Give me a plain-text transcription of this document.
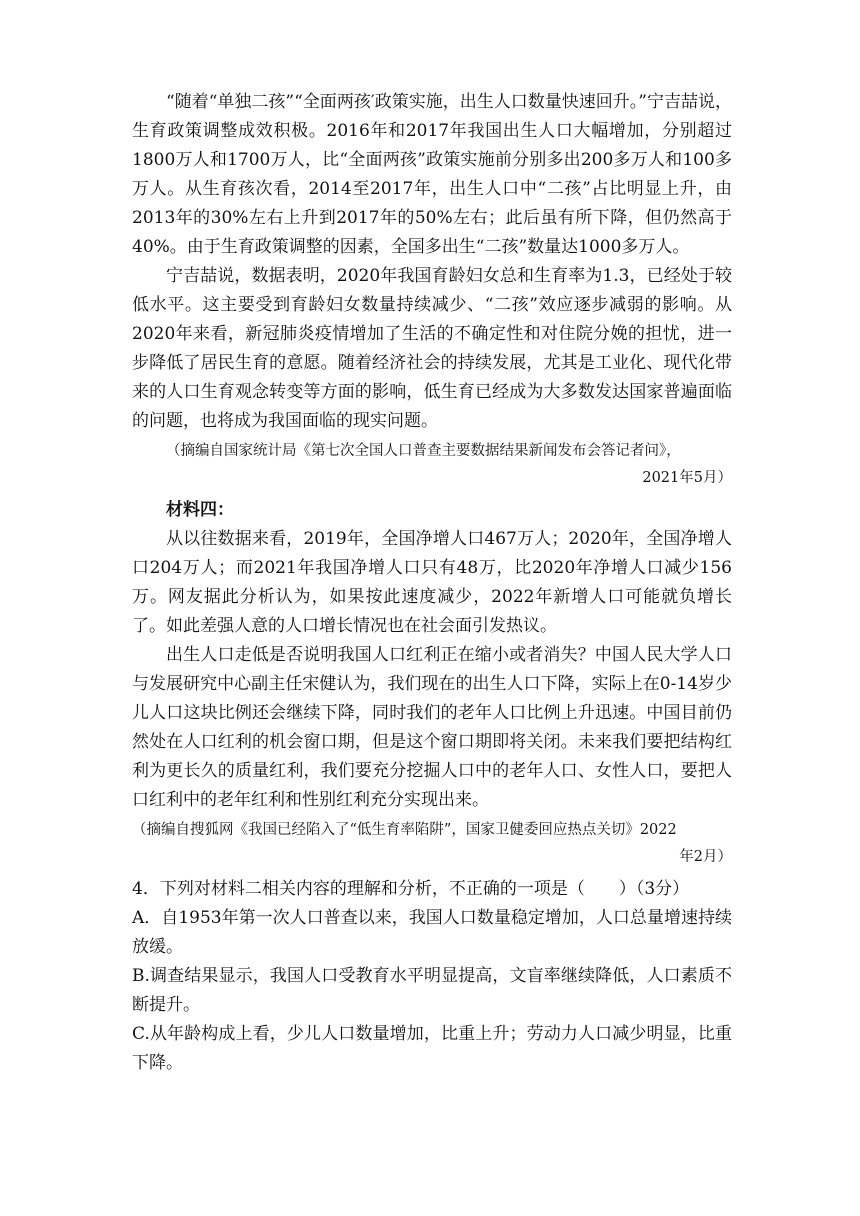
“随着“单独二孩”“全面两孩′政策实施，出生人口数量快速回升。”宁吉喆说，生育政策调整成效积极。2016年和2017年我国出生人口大幅增加，分别超过1800万人和1700万人，比“全面两孩”政策实施前分别多出200多万人和100多万人。从生育孩次看，2014至2017年，出生人口中“二孩”占比明显上升，由2013年的30%左右上升到2017年的50%左右；此后虽有所下降，但仍然高于40%。由于生育政策调整的因素，全国多出生“二孩”数量达1000多万人。

宁吉喆说，数据表明，2020年我国育龄妇女总和生育率为1.3，已经处于较低水平。这主要受到育龄妇女数量持续减少、“二孩”效应逐步减弱的影响。从2020年来看，新冠肺炎疫情增加了生活的不确定性和对住院分娩的担忧，进一步降低了居民生育的意愿。随着经济社会的持续发展，尤其是工业化、现代化带来的人口生育观念转变等方面的影响，低生育已经成为大多数发达国家普遍面临的问题，也将成为我国面临的现实问题。

（摘编自国家统计局《第七次全国人口普查主要数据结果新闻发布会答记者问》，

2021年5月）

材料四：

从以往数据来看，2019年，全国净增人口467万人；2020年，全国净增人口204万人；而2021年我国净增人口只有48万，比2020年净增人口减少156万。网友据此分析认为，如果按此速度减少，2022年新增人口可能就负增长了。如此差强人意的人口增长情况也在社会面引发热议。

出生人口走低是否说明我国人口红利正在缩小或者消失？中国人民大学人口与发展研究中心副主任宋健认为，我们现在的出生人口下降，实际上在0-14岁少儿人口这块比例还会继续下降，同时我们的老年人口比例上升迅速。中国目前仍然处在人口红利的机会窗口期，但是这个窗口期即将关闭。未来我们要把结构红利为更长久的质量红利，我们要充分挖掘人口中的老年人口、女性人口，要把人口红利中的老年红利和性别红利充分实现出来。

（摘编自搜狐网《我国已经陷入了“低生育率陷阱”，国家卫健委回应热点关切》2022

年2月）

4．下列对材料二相关内容的理解和分析，不正确的一项是（　　）（3分）

A．自1953年第一次人口普查以来，我国人口数量稳定增加，人口总量增速持续放缓。

B.调查结果显示，我国人口受教育水平明显提高，文盲率继续降低，人口素质不断提升。

C.从年龄构成上看，少儿人口数量增加，比重上升；劳动力人口减少明显，比重下降。
